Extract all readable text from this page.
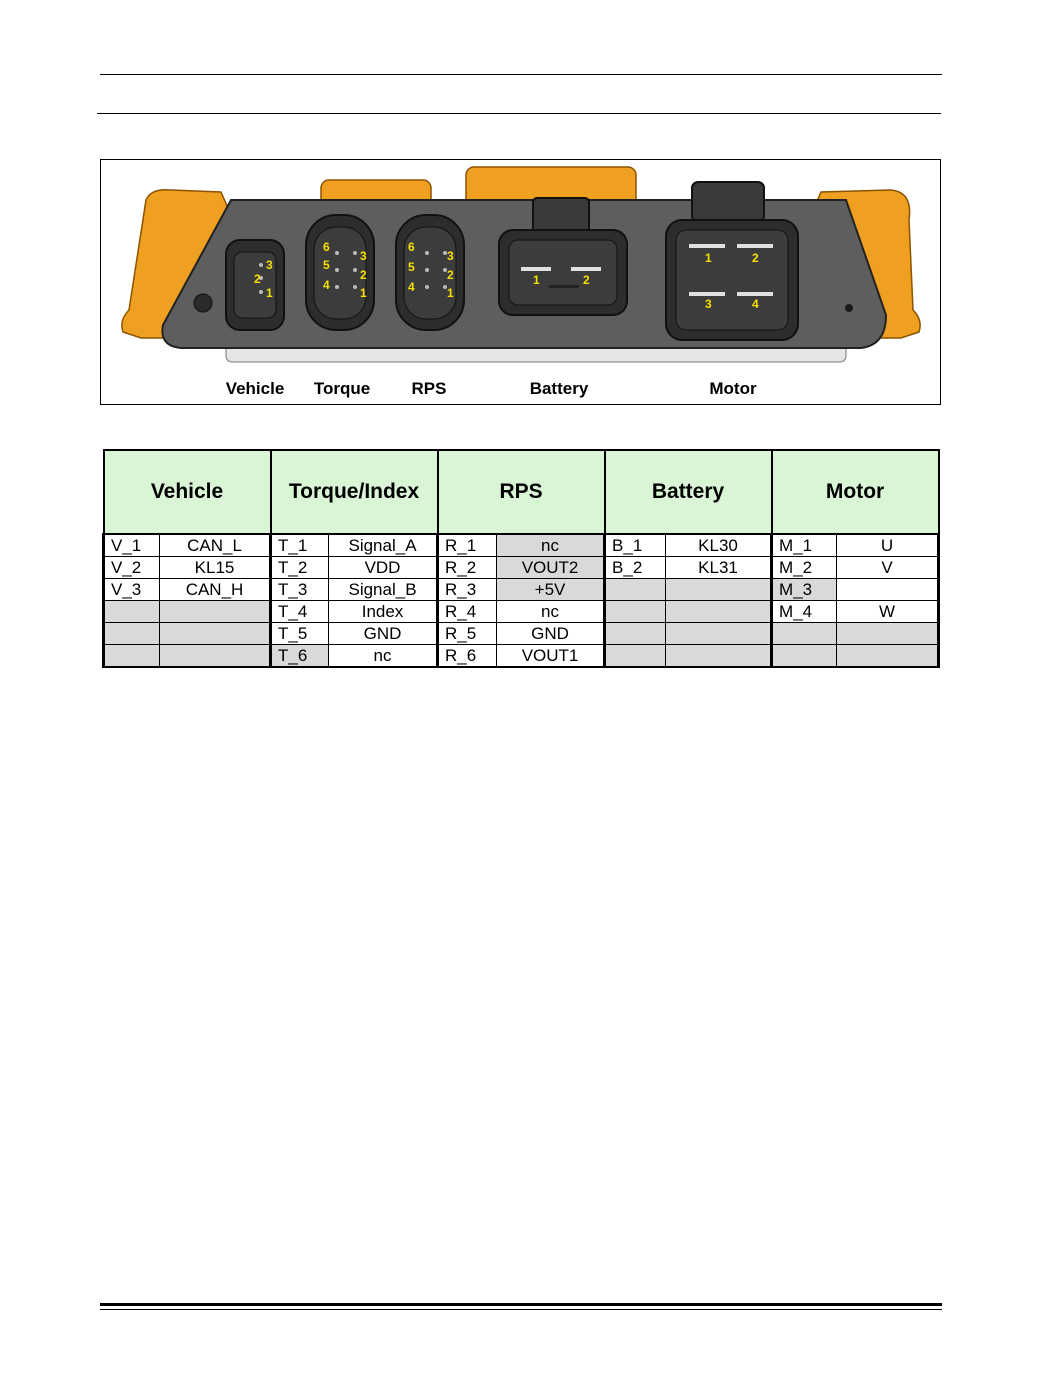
3
2
1
6
3
5
2
4
1
6
3
5
2
4	1
1	2
1	2
3	4
Vehicle Torque RPS	Battery	Motor
Vehicle		Torque/Index		RPS		Battery		Motor	
V_1	CAN_L	T_1	Signal_A	R_1	nc	B_1	KL30	M_1	U
V_2	KL15	T_2	VDD	R_2	VOUT2	B_2	KL31	M_2	V
V_3	CAN_H	T_3	Signal_B	R_3	+5V			M_3	
		T_4	Index	R_4	nc			M_4	W
		T_5	GND	R_5	GND				
		T_6	nc	R_6	VOUT1				
